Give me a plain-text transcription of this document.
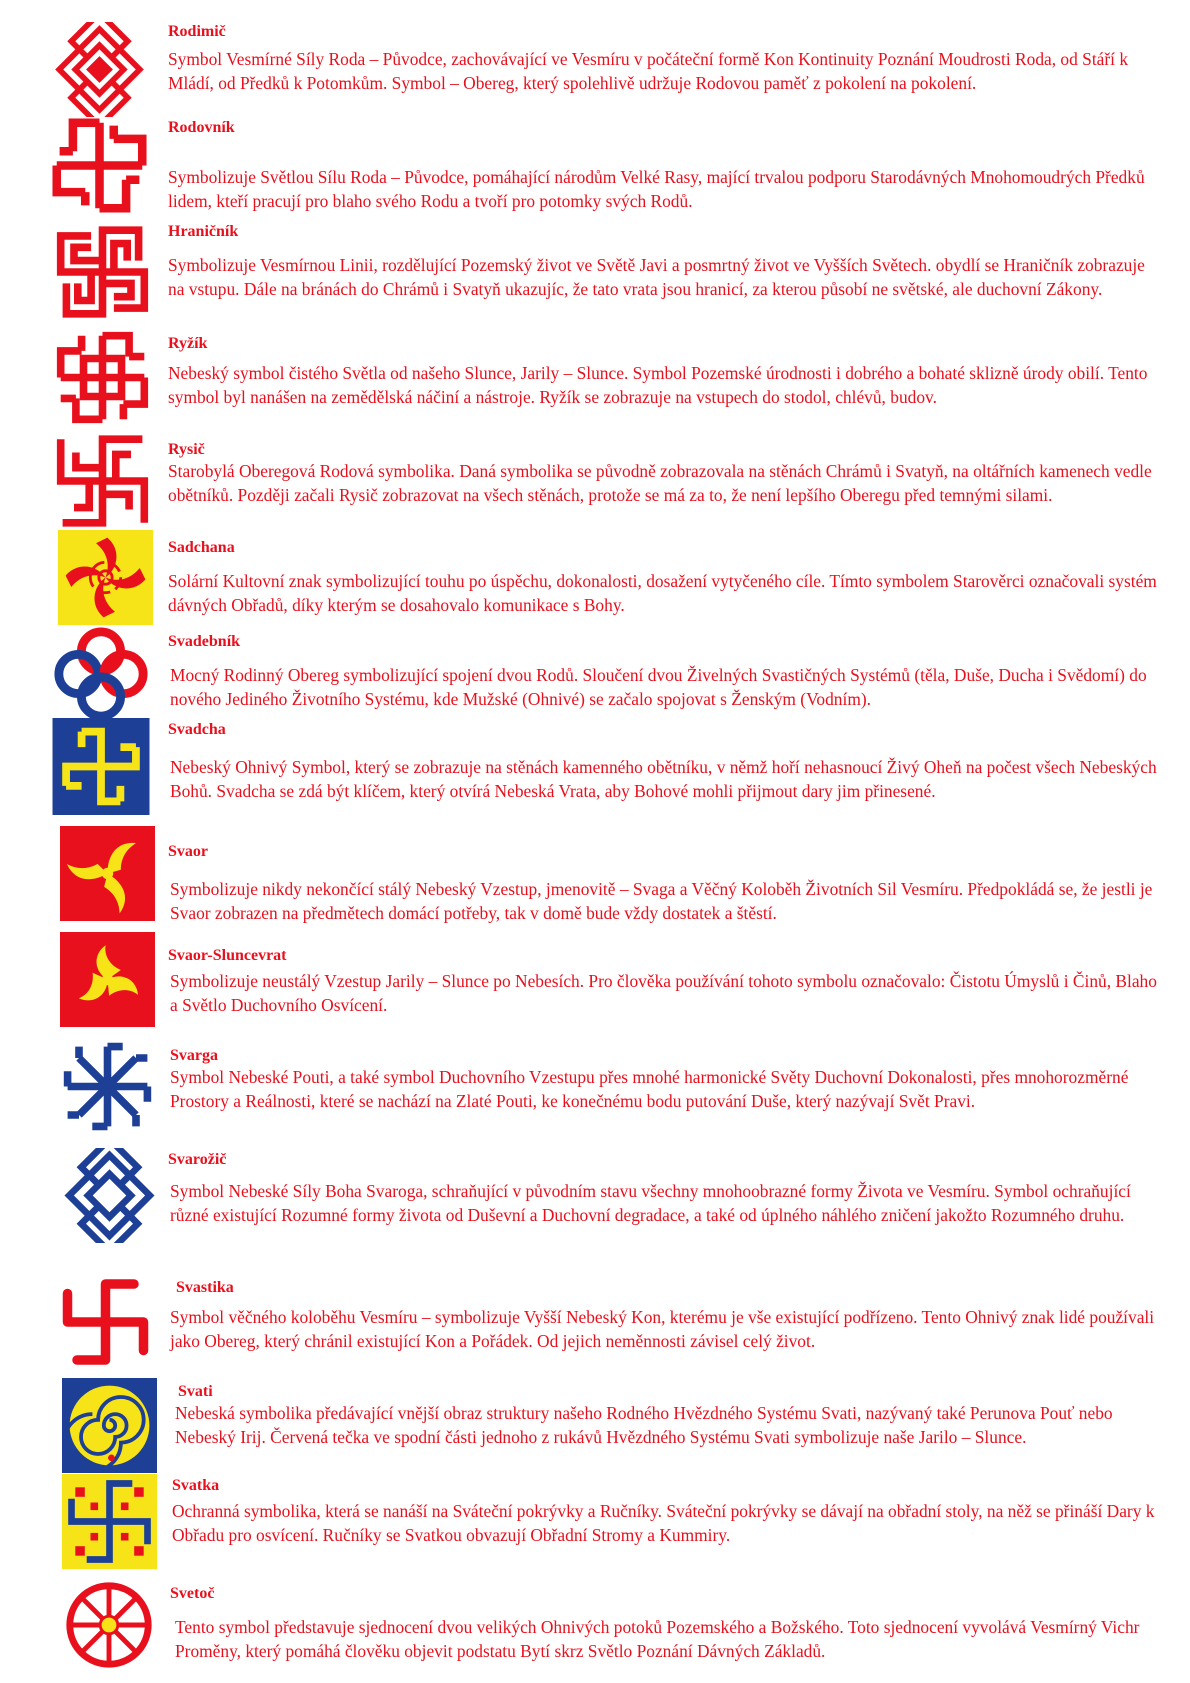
Rodimič
Symbol Vesmírné Síly Roda – Původce, zachovávající ve Vesmíru v počáteční formě Kon Kontinuity Poznání Moudrosti Roda, od Stáří k Mládí, od Předků k Potomkům. Symbol – Obereg, který spolehlivě udržuje Rodovou paměť z pokolení na pokolení.
Rodovník
Symbolizuje Světlou Sílu Roda – Původce, pomáhající národům Velké Rasy, mající trvalou podporu Starodávných Mnohomoudrých Předků lidem, kteří pracují pro blaho svého Rodu a tvoří pro potomky svých Rodů.
Hraničník
Symbolizuje Vesmírnou Linii, rozdělující Pozemský život ve Světě Javi a posmrtný život ve Vyšších Světech. obydlí se Hraničník zobrazuje na vstupu. Dále na bránách do Chrámů i Svatyň ukazujíc, že tato vrata jsou hranicí, za kterou působí ne světské, ale duchovní Zákony.
Ryžík
Nebeský symbol čistého Světla od našeho Slunce, Jarily – Slunce. Symbol Pozemské úrodnosti i dobrého a bohaté sklizně úrody obilí. Tento symbol byl nanášen na zemědělská náčiní a nástroje. Ryžík se zobrazuje na vstupech do stodol, chlévů, budov.
Rysič
Starobylá Oberegová Rodová symbolika. Daná symbolika se původně zobrazovala na stěnách Chrámů i Svatyň, na oltářních kamenech vedle obětníků. Později začali Rysič zobrazovat na všech stěnách, protože se má za to, že není lepšího Oberegu před temnými silami.
Sadchana
Solární Kultovní znak symbolizující touhu po úspěchu, dokonalosti, dosažení vytyčeného cíle. Tímto symbolem Starověrci označovali systém dávných Obřadů, díky kterým se dosahovalo komunikace s Bohy.
Svadebník
Mocný Rodinný Obereg symbolizující spojení dvou Rodů. Sloučení dvou Živelných Svastičných Systémů (těla, Duše, Ducha i Svědomí) do nového Jediného Životního Systému, kde Mužské (Ohnivé) se začalo spojovat s Ženským (Vodním).
Svadcha
Nebeský Ohnivý Symbol, který se zobrazuje na stěnách kamenného obětníku, v němž hoří nehasnoucí Živý Oheň na počest všech Nebeských Bohů. Svadcha se zdá být klíčem, který otvírá Nebeská Vrata, aby Bohové mohli přijmout dary jim přinesené.
Svaor
Symbolizuje nikdy nekončící stálý Nebeský Vzestup, jmenovitě – Svaga a Věčný Koloběh Životních Sil Vesmíru. Předpokládá se, že jestli je Svaor zobrazen na předmětech domácí potřeby, tak v domě bude vždy dostatek a štěstí.
Svaor-Sluncevrat
Symbolizuje neustálý Vzestup Jarily – Slunce po Nebesích. Pro člověka používání tohoto symbolu označovalo: Čistotu Úmyslů i Činů, Blaho a Světlo Duchovního Osvícení.
Svarga
Symbol Nebeské Pouti, a také symbol Duchovního Vzestupu přes mnohé harmonické Světy Duchovní Dokonalosti, přes mnohorozměrné Prostory a Reálnosti, které se nachází na Zlaté Pouti, ke konečnému bodu putování Duše, který nazývají Svět Pravi.
Svarožič
Symbol Nebeské Síly Boha Svaroga, schraňující v původním stavu všechny mnohoobrazné formy Života ve Vesmíru. Symbol ochraňující různé existující Rozumné formy života od Duševní a Duchovní degradace, a také od úplného náhlého zničení jakožto Rozumného druhu.
Svastika
Symbol věčného koloběhu Vesmíru – symbolizuje Vyšší Nebeský Kon, kterému je vše existující podřízeno. Tento Ohnivý znak lidé používali jako Obereg, který chránil existující Kon a Pořádek. Od jejich neměnnosti závisel celý život.
Svati
Nebeská symbolika předávající vnější obraz struktury našeho Rodného Hvězdného Systému Svati, nazývaný také Perunova Pouť nebo Nebeský Irij. Červená tečka ve spodní části jednoho z rukávů Hvězdného Systému Svati symbolizuje naše Jarilo – Slunce.
Svatka
Ochranná symbolika, která se nanáší na Sváteční pokrývky a Ručníky. Sváteční pokrývky se dávají na obřadní stoly, na něž se přináší Dary k Obřadu pro osvícení. Ručníky se Svatkou obvazují Obřadní Stromy a Kummiry.
Svetoč
Tento symbol představuje sjednocení dvou velikých Ohnivých potoků Pozemského a Božského. Toto sjednocení vyvolává Vesmírný Vichr Proměny, který pomáhá člověku objevit podstatu Bytí skrz Světlo Poznání Dávných Základů.
